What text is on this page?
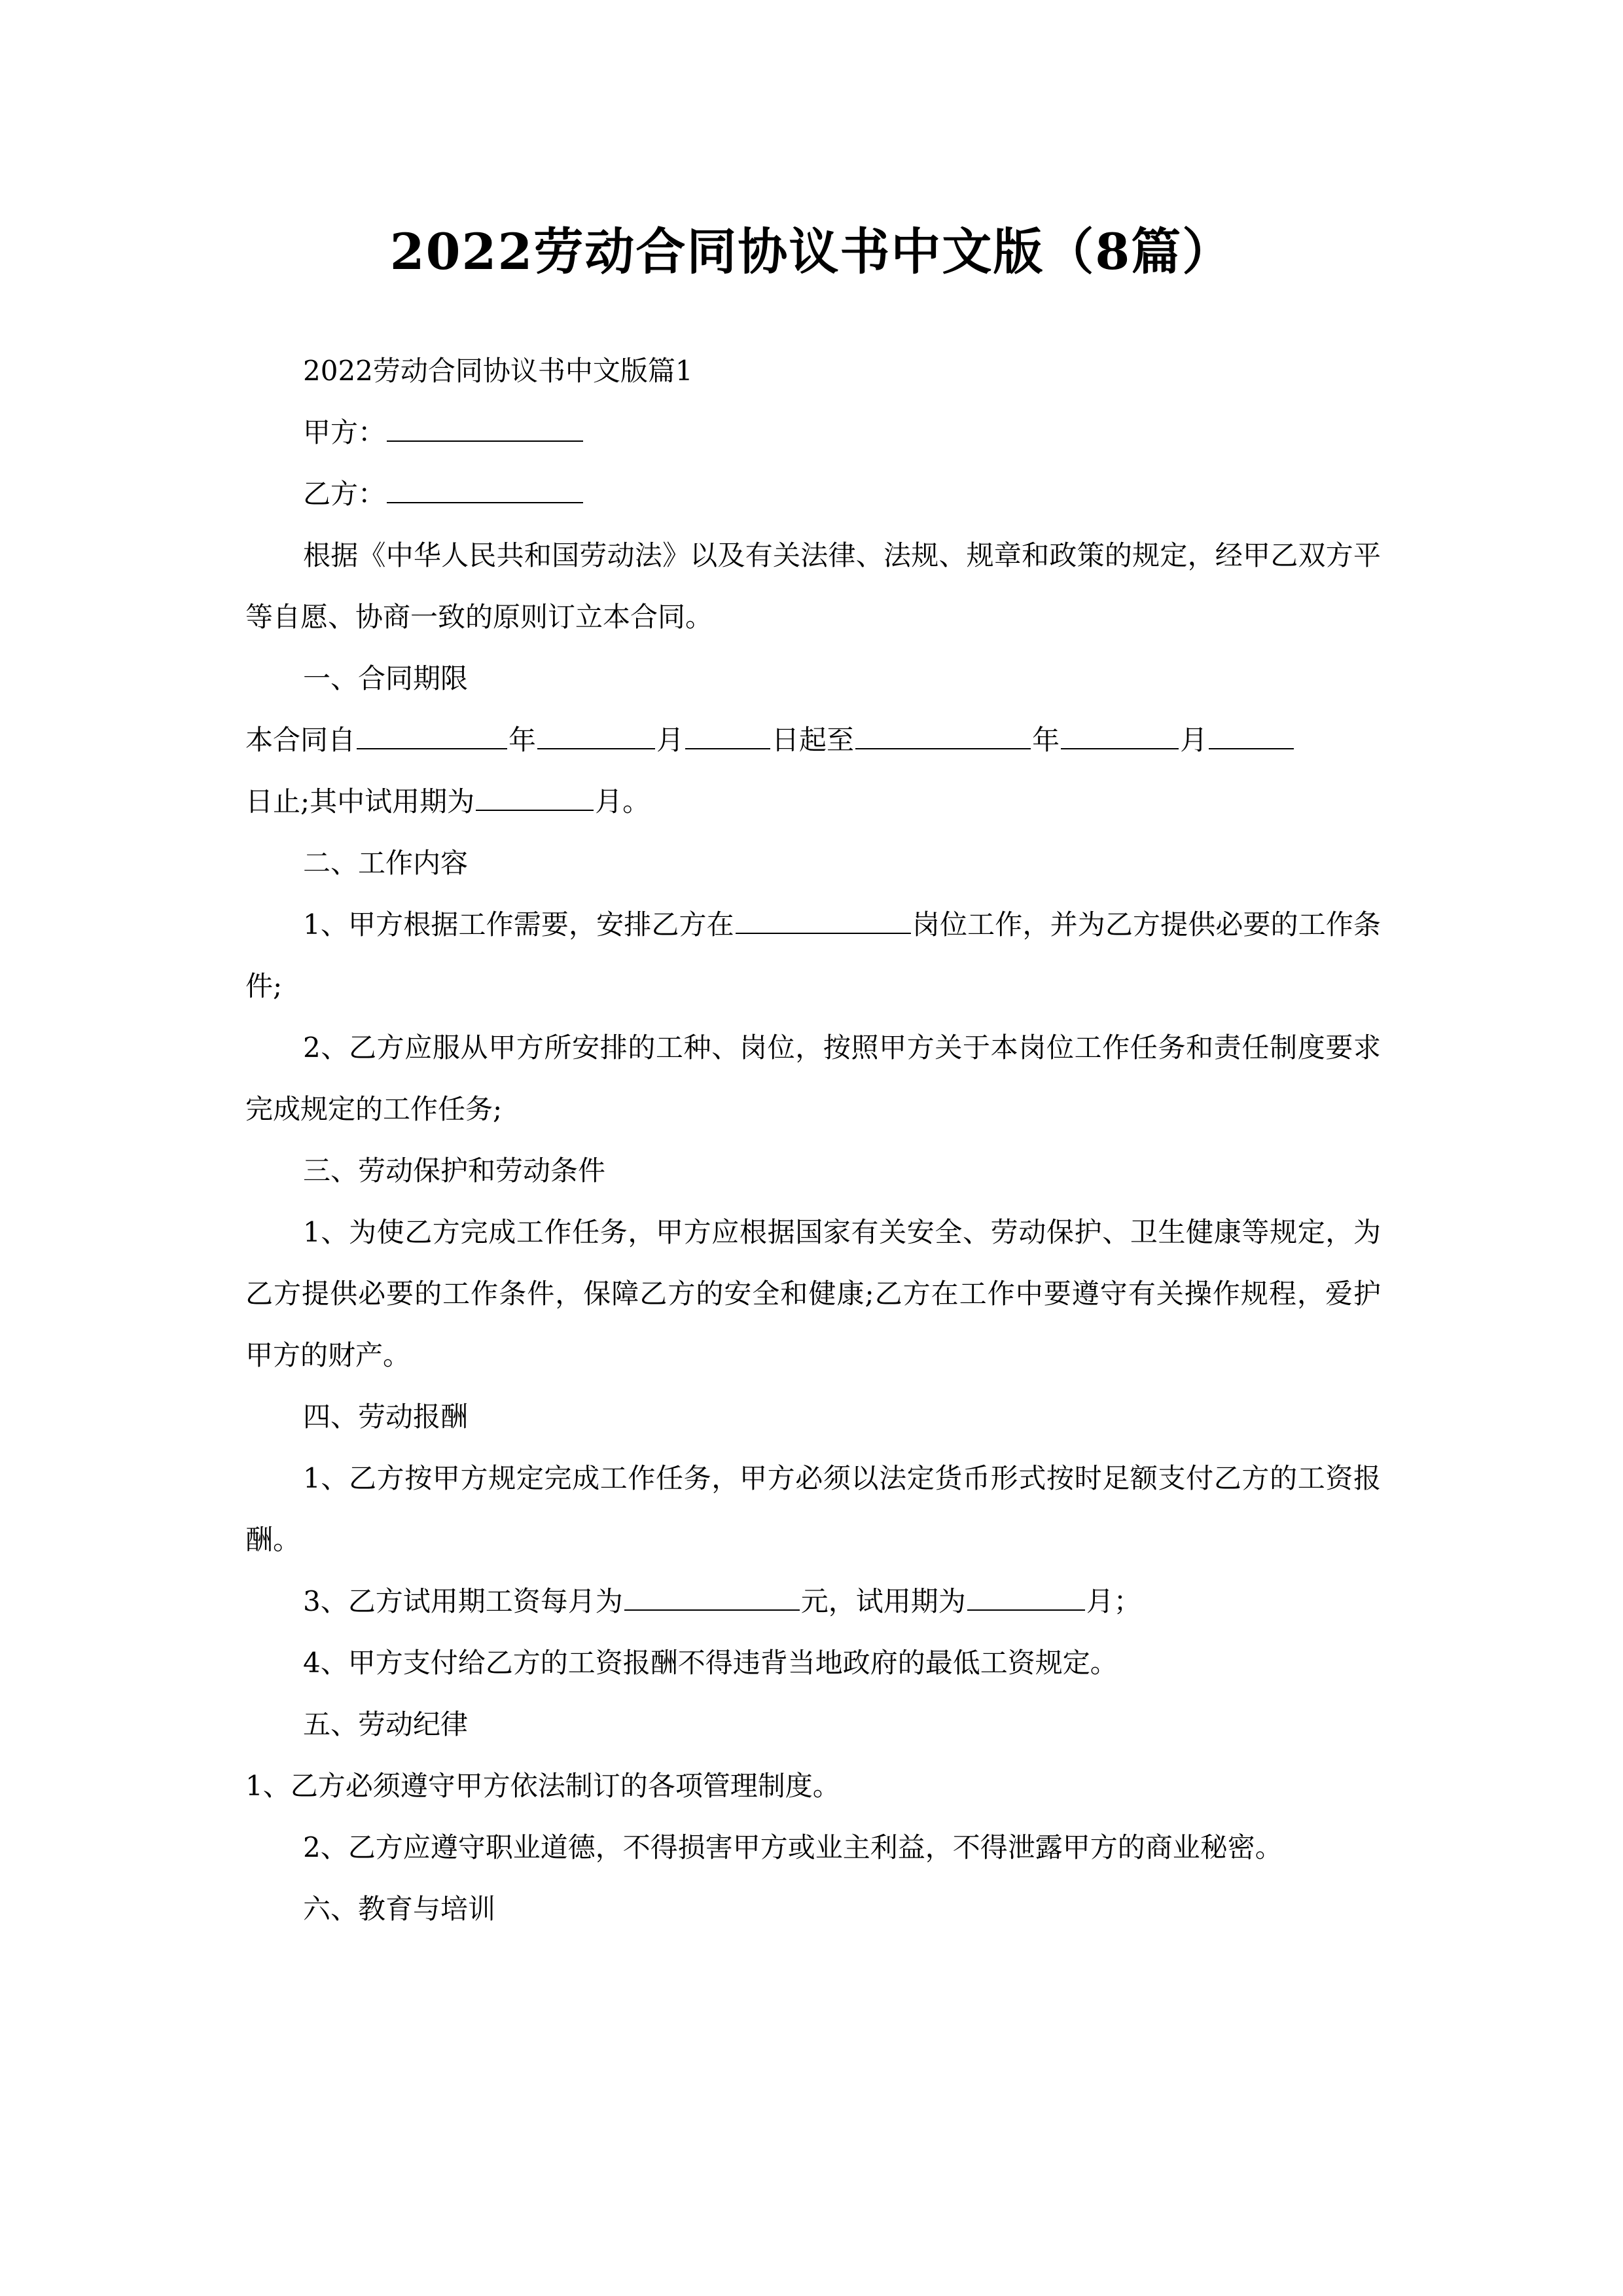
2022劳动合同协议书中文版（8篇）

2022劳动合同协议书中文版篇1

甲方：

乙方：

根据《中华人民共和国劳动法》以及有关法律、法规、规章和政策的规定，经甲乙双方平等自愿、协商一致的原则订立本合同。

一、合同期限

本合同自	年	月	日起至	年	月

日止;其中试用期为	月。

二、工作内容

1、甲方根据工作需要，安排乙方在	岗位工作，并为乙方提供必要的工作条件;

2、乙方应服从甲方所安排的工种、岗位，按照甲方关于本岗位工作任务和责任制度要求完成规定的工作任务;

三、劳动保护和劳动条件

1、为使乙方完成工作任务，甲方应根据国家有关安全、劳动保护、卫生健康等规定，为乙方提供必要的工作条件，保障乙方的安全和健康;乙方在工作中要遵守有关操作规程，爱护甲方的财产。

四、劳动报酬

1、乙方按甲方规定完成工作任务，甲方必须以法定货币形式按时足额支付乙方的工资报酬。

3、乙方试用期工资每月为	元，试用期为	月；

4、甲方支付给乙方的工资报酬不得违背当地政府的最低工资规定。

五、劳动纪律

1、乙方必须遵守甲方依法制订的各项管理制度。

2、乙方应遵守职业道德，不得损害甲方或业主利益，不得泄露甲方的商业秘密。

六、教育与培训
